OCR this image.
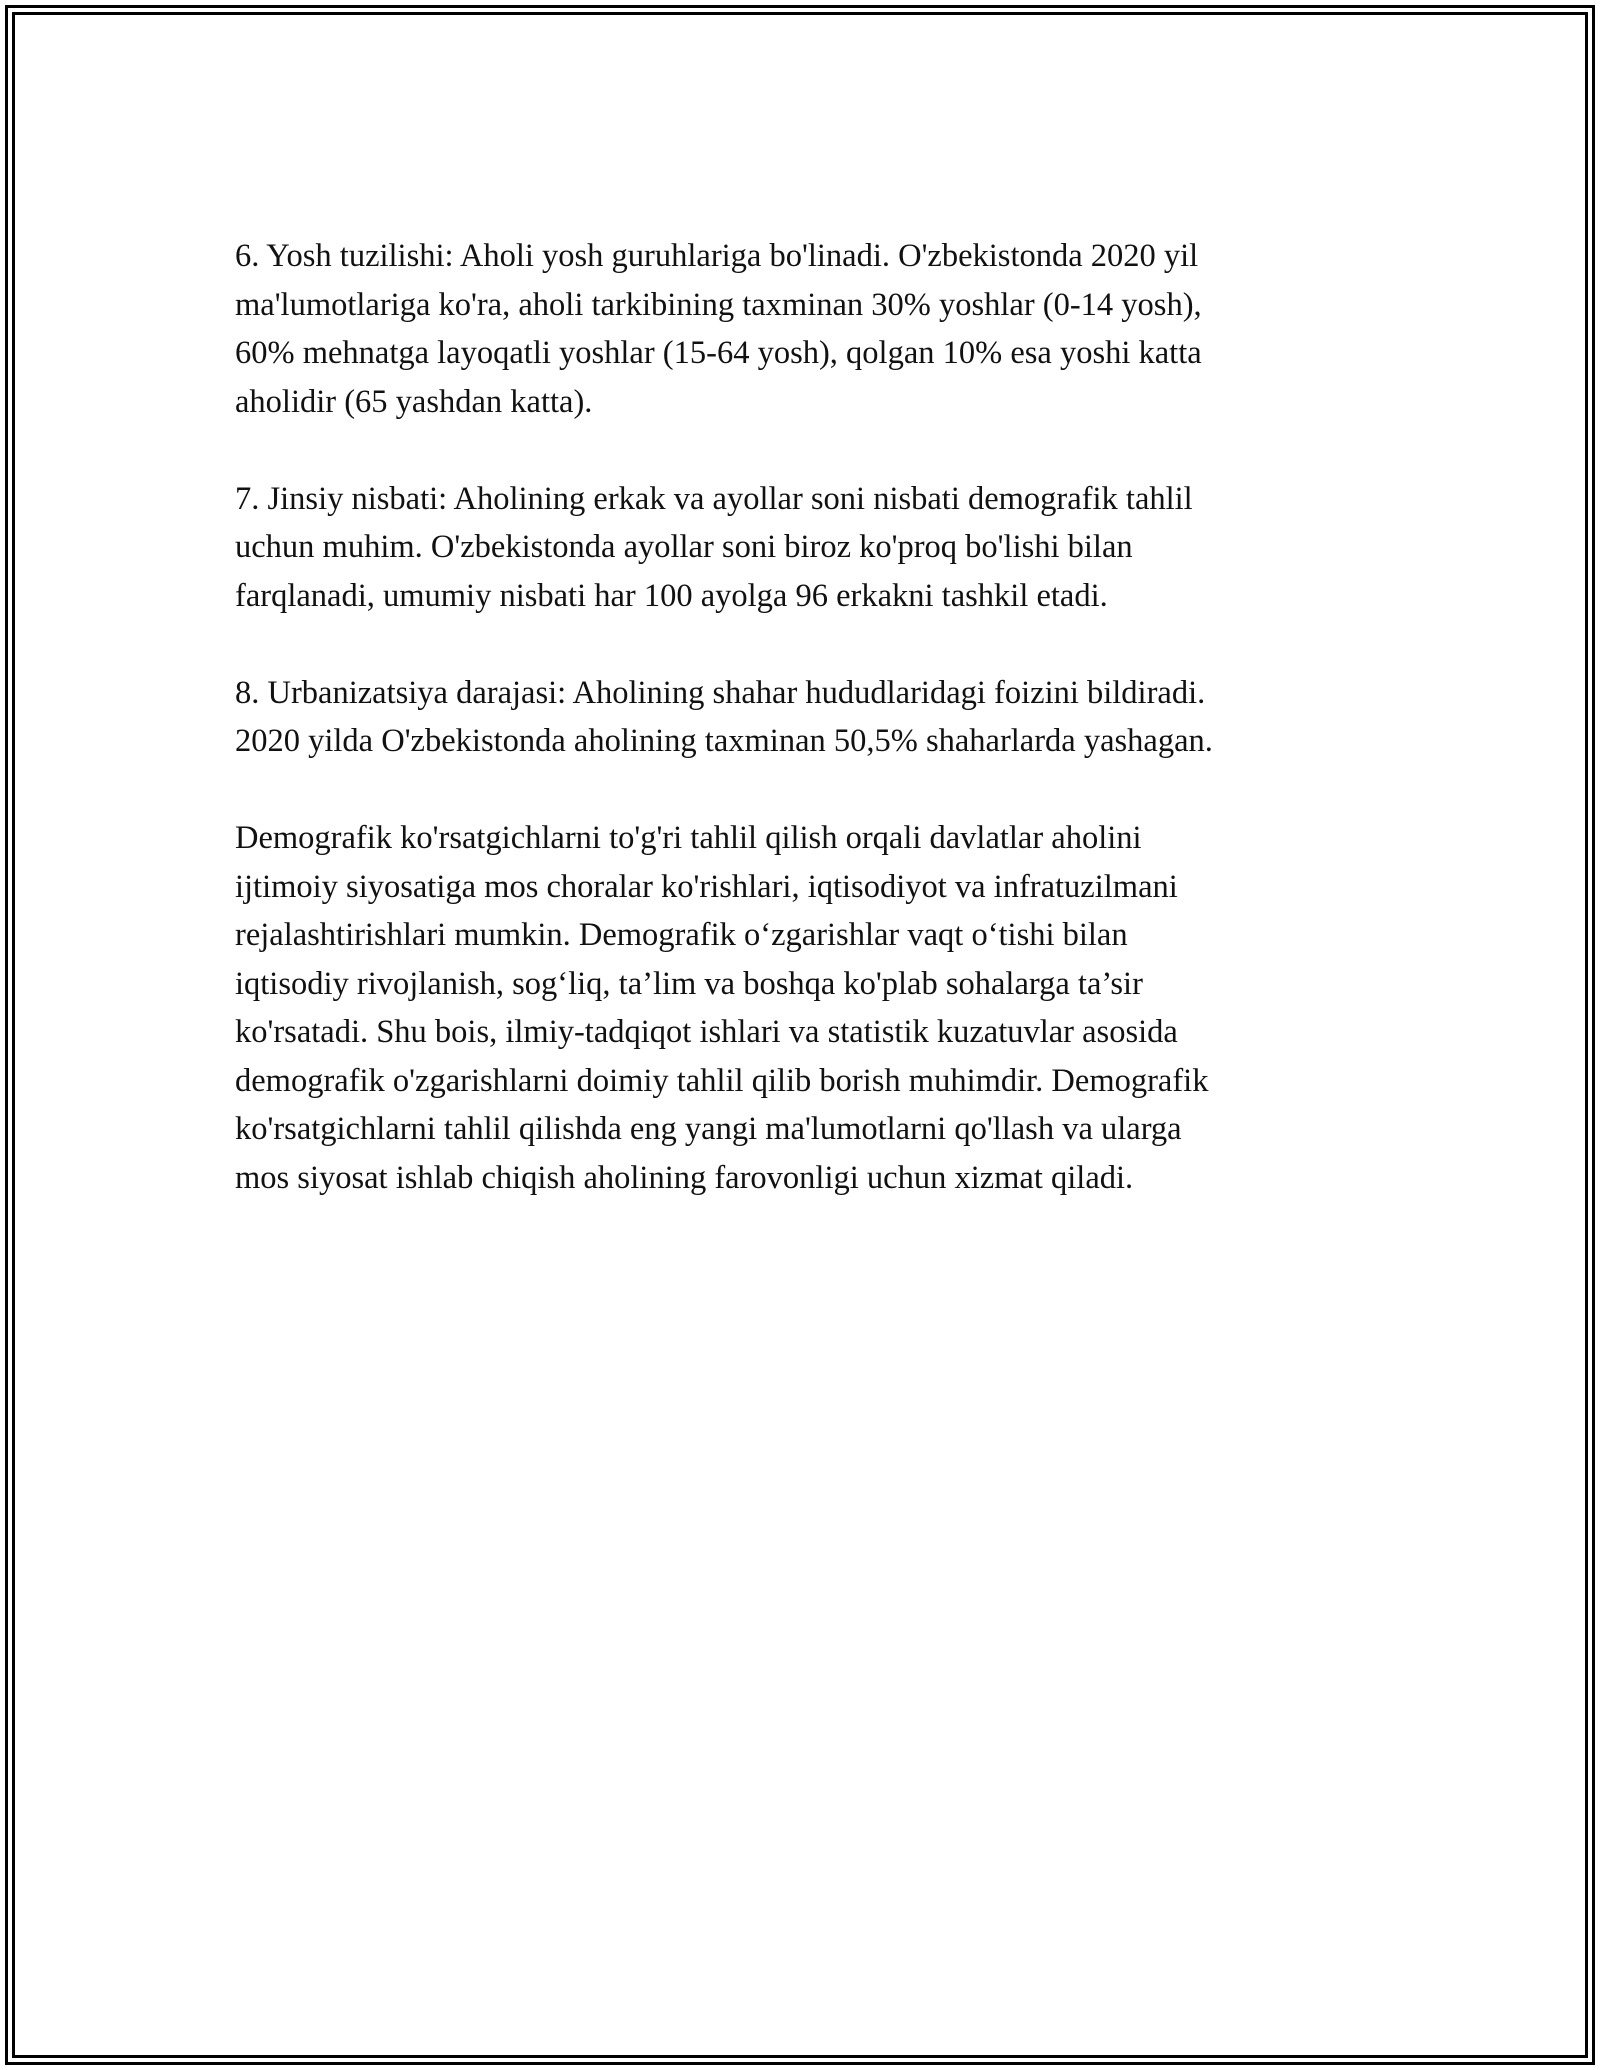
6. Yosh tuzilishi: Aholi yosh guruhlariga bo'linadi. O'zbekistonda 2020 yil
ma'lumotlariga ko'ra, aholi tarkibining taxminan 30% yoshlar (0-14 yosh),
60% mehnatga layoqatli yoshlar (15-64 yosh), qolgan 10% esa yoshi katta
aholidir (65 yashdan katta).

7. Jinsiy nisbati: Aholining erkak va ayollar soni nisbati demografik tahlil
uchun muhim. O'zbekistonda ayollar soni biroz ko'proq bo'lishi bilan
farqlanadi, umumiy nisbati har 100 ayolga 96 erkakni tashkil etadi.

8. Urbanizatsiya darajasi: Aholining shahar hududlaridagi foizini bildiradi.
2020 yilda O'zbekistonda aholining taxminan 50,5% shaharlarda yashagan.

Demografik ko'rsatgichlarni to'g'ri tahlil qilish orqali davlatlar aholini
ijtimoiy siyosatiga mos choralar ko'rishlari, iqtisodiyot va infratuzilmani
rejalashtirishlari mumkin. Demografik o‘zgarishlar vaqt o‘tishi bilan
iqtisodiy rivojlanish, sog‘liq, ta’lim va boshqa ko'plab sohalarga ta’sir
ko'rsatadi. Shu bois, ilmiy-tadqiqot ishlari va statistik kuzatuvlar asosida
demografik o'zgarishlarni doimiy tahlil qilib borish muhimdir. Demografik
ko'rsatgichlarni tahlil qilishda eng yangi ma'lumotlarni qo'llash va ularga
mos siyosat ishlab chiqish aholining farovonligi uchun xizmat qiladi.
